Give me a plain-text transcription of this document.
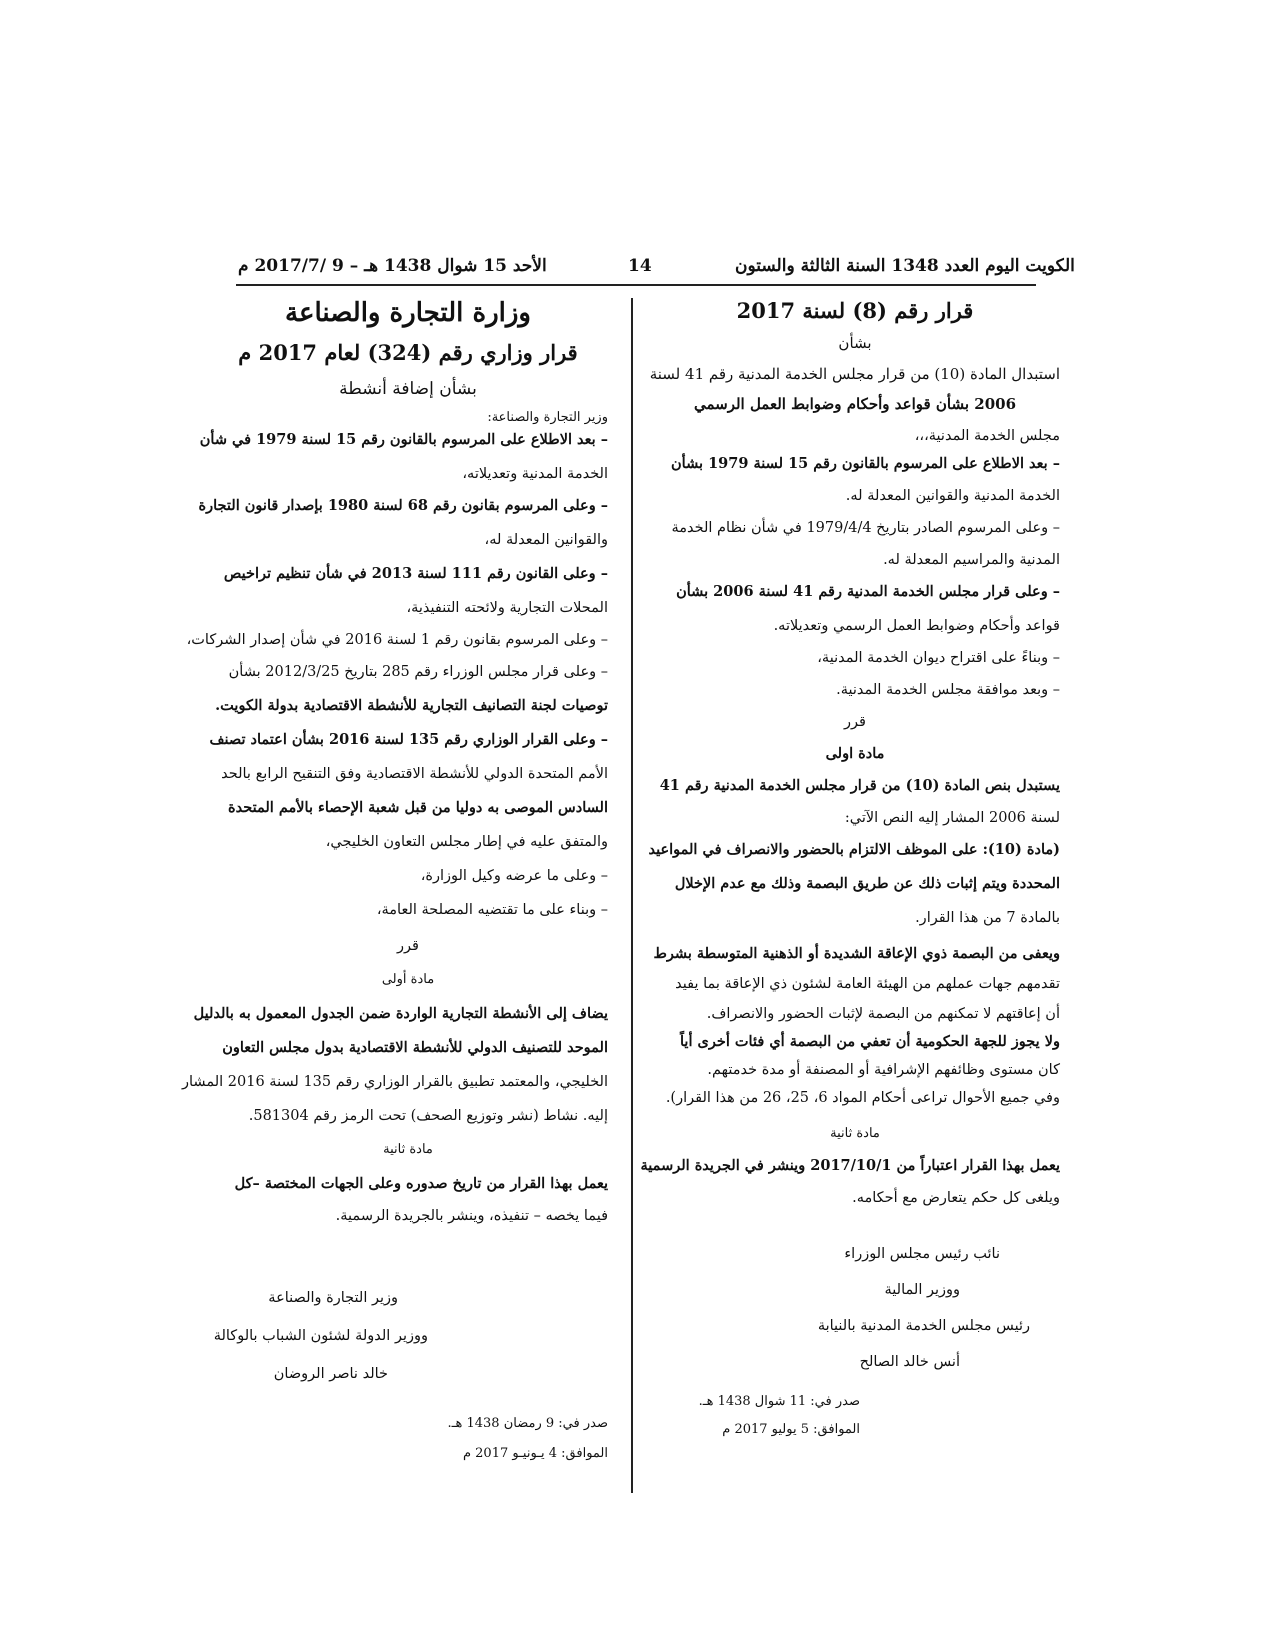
الكويت اليوم العدد 1348 السنة الثالثة والستون
14
الأحد 15 شوال 1438 هـ – 9 /2017/7 م
قرار رقم (8) لسنة 2017
بشأن
استبدال المادة (10) من قرار مجلس الخدمة المدنية رقم 41 لسنة
2006 بشأن قواعد وأحكام وضوابط العمل الرسمي
مجلس الخدمة المدنية،،،
– بعد الاطلاع على المرسوم بالقانون رقم 15 لسنة 1979 بشأن
الخدمة المدنية والقوانين المعدلة له.
– وعلى المرسوم الصادر بتاريخ 1979/4/4 في شأن نظام الخدمة
المدنية والمراسيم المعدلة له.
– وعلى قرار مجلس الخدمة المدنية رقم 41 لسنة 2006 بشأن
قواعد وأحكام وضوابط العمل الرسمي وتعديلاته.
– وبناءً على اقتراح ديوان الخدمة المدنية،
– وبعد موافقة مجلس الخدمة المدنية.
قرر
مادة اولى
يستبدل بنص المادة (10) من قرار مجلس الخدمة المدنية رقم 41
لسنة 2006 المشار إليه النص الآتي:
(مادة (10): على الموظف الالتزام بالحضور والانصراف في المواعيد
المحددة ويتم إثبات ذلك عن طريق البصمة وذلك مع عدم الإخلال
بالمادة 7 من هذا القرار.
ويعفى من البصمة ذوي الإعاقة الشديدة أو الذهنية المتوسطة بشرط
تقدمهم جهات عملهم من الهيئة العامة لشئون ذي الإعاقة بما يفيد
أن إعاقتهم لا تمكنهم من البصمة لإثبات الحضور والانصراف.
ولا يجوز للجهة الحكومية أن تعفي من البصمة أي فئات أخرى أياً
كان مستوى وظائفهم الإشرافية أو المصنفة أو مدة خدمتهم.
وفي جميع الأحوال تراعى أحكام المواد 6، 25، 26 من هذا القرار).
مادة ثانية
يعمل بهذا القرار اعتباراً من 2017/10/1 وينشر في الجريدة الرسمية
ويلغى كل حكم يتعارض مع أحكامه.
نائب رئيس مجلس الوزراء
ووزير المالية
رئيس مجلس الخدمة المدنية بالنيابة
أنس خالد الصالح
صدر في: 11 شوال 1438 هـ.
الموافق: 5 يوليو 2017 م
وزارة التجارة والصناعة
قرار وزاري رقم (324) لعام 2017 م
بشأن إضافة أنشطة
وزير التجارة والصناعة:
– بعد الاطلاع على المرسوم بالقانون رقم 15 لسنة 1979 في شأن
الخدمة المدنية وتعديلاته،
– وعلى المرسوم بقانون رقم 68 لسنة 1980 بإصدار قانون التجارة
والقوانين المعدلة له،
– وعلى القانون رقم 111 لسنة 2013 في شأن تنظيم تراخيص
المحلات التجارية ولائحته التنفيذية،
– وعلى المرسوم بقانون رقم 1 لسنة 2016 في شأن إصدار الشركات،
– وعلى قرار مجلس الوزراء رقم 285 بتاريخ 2012/3/25 بشأن
توصيات لجنة التصانيف التجارية للأنشطة الاقتصادية بدولة الكويت.
– وعلى القرار الوزاري رقم 135 لسنة 2016 بشأن اعتماد تصنف
الأمم المتحدة الدولي للأنشطة الاقتصادية وفق التنقيح الرابع بالحد
السادس الموصى به دوليا من قبل شعبة الإحصاء بالأمم المتحدة
والمتفق عليه في إطار مجلس التعاون الخليجي،
– وعلى ما عرضه وكيل الوزارة،
– وبناء على ما تقتضيه المصلحة العامة،
قرر
مادة أولى
يضاف إلى الأنشطة التجارية الواردة ضمن الجدول المعمول به بالدليل
الموحد للتصنيف الدولي للأنشطة الاقتصادية بدول مجلس التعاون
الخليجي، والمعتمد تطبيق بالقرار الوزاري رقم 135 لسنة 2016 المشار
إليه. نشاط (نشر وتوزيع الصحف) تحت الرمز رقم 581304.
مادة ثانية
يعمل بهذا القرار من تاريخ صدوره وعلى الجهات المختصة –كل
فيما يخصه – تنفيذه، وينشر بالجريدة الرسمية.
وزير التجارة والصناعة
ووزير الدولة لشئون الشباب بالوكالة
خالد ناصر الروضان
صدر في: 9 رمضان 1438 هـ.
الموافق: 4 يـونيـو 2017 م
